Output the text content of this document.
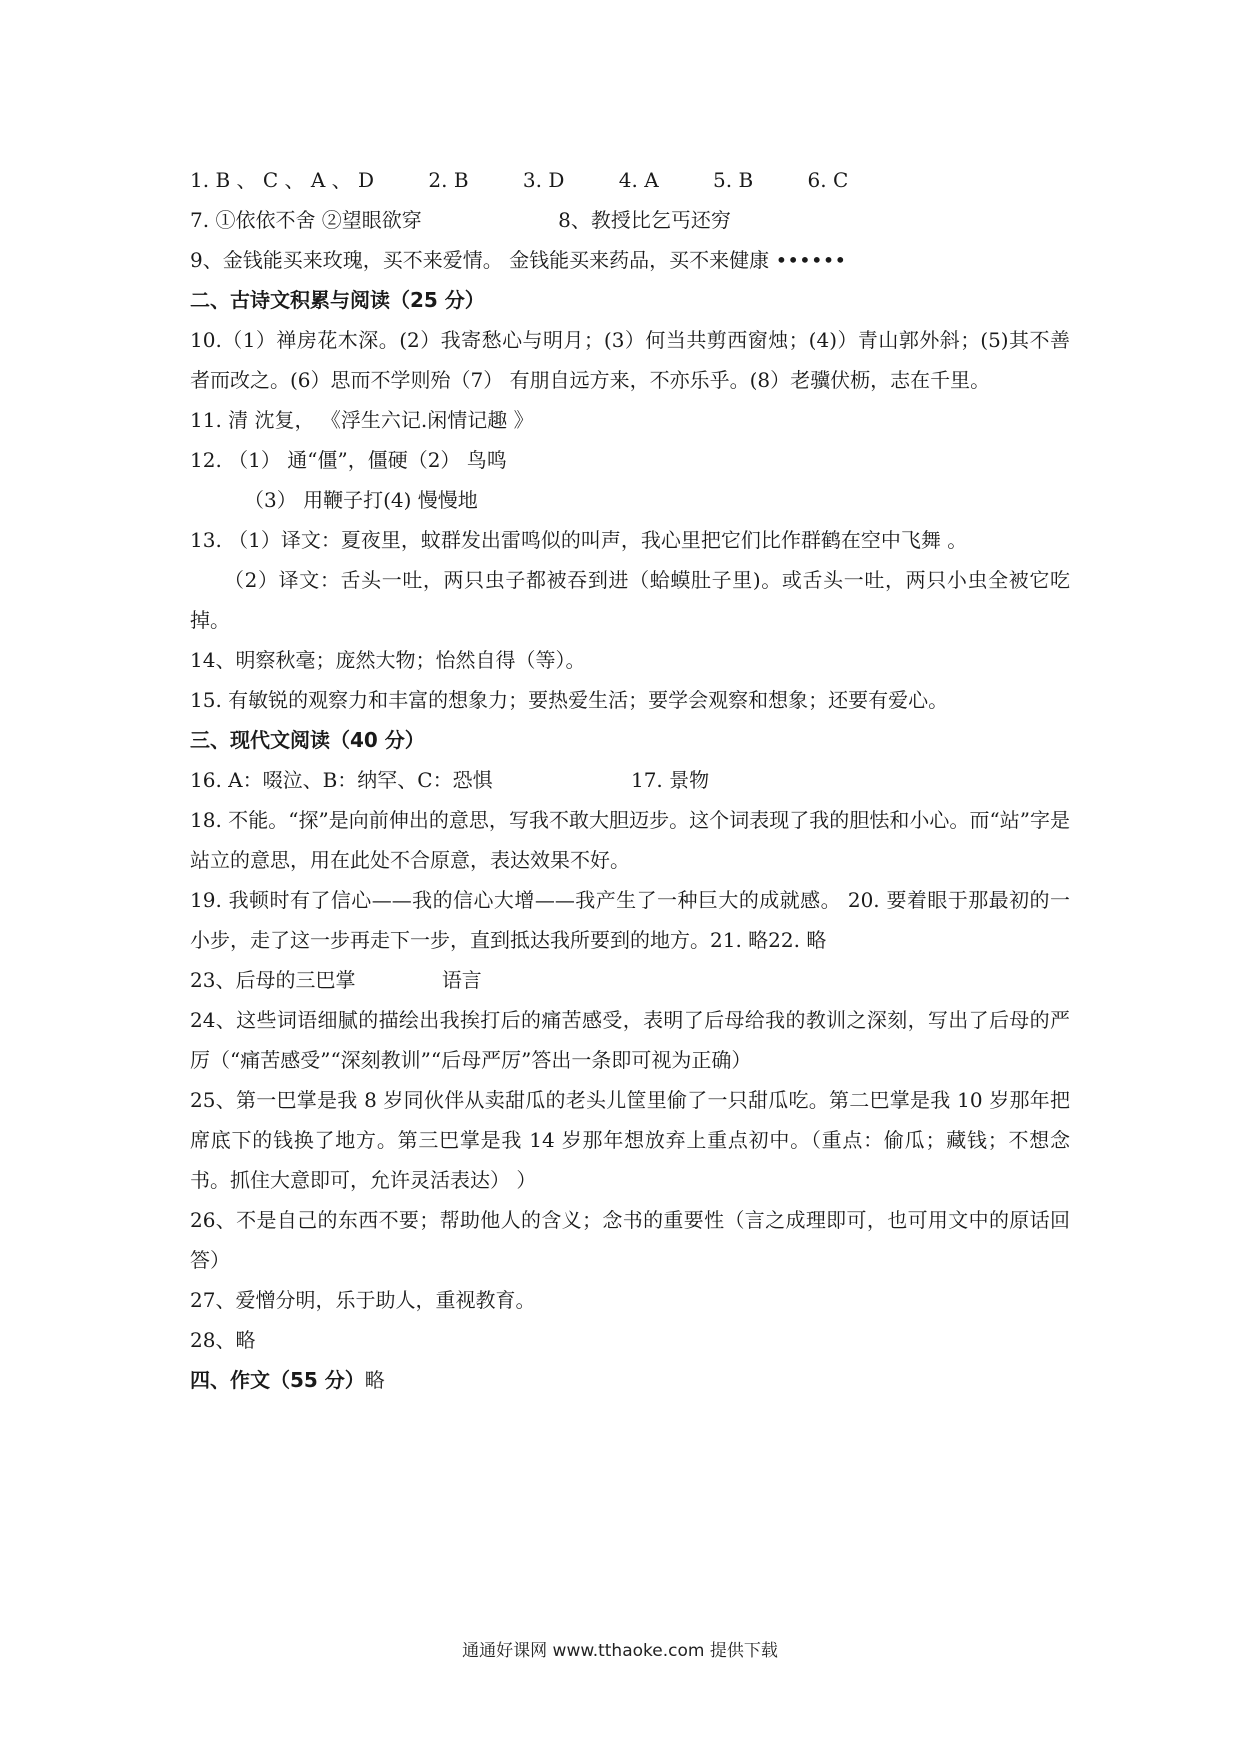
1. B 、 C 、 A 、 D	2. B	3. D	4. A	5. B	6. C
7. ①依依不舍 ②望眼欲穿	8、教授比乞丐还穷
9、金钱能买来玫瑰，买不来爱情。 金钱能买来药品，买不来健康 ••••••
二、古诗文积累与阅读（25 分）
10.（1）禅房花木深。(2）我寄愁心与明月；(3）何当共剪西窗烛；(4)）青山郭外斜；(5)其不善者而改之。(6）思而不学则殆（7） 有朋自远方来，不亦乐乎。(8）老骥伏枥，志在千里。
11. 清 沈复， 《浮生六记.闲情记趣 》
12. （1） 通“僵”，僵硬（2） 鸟鸣
（3） 用鞭子打(4) 慢慢地
13. （1）译文：夏夜里，蚊群发出雷鸣似的叫声，我心里把它们比作群鹤在空中飞舞 。
（2）译文：舌头一吐，两只虫子都被吞到进（蛤蟆肚子里)。或舌头一吐，两只小虫全被它吃掉。
14、明察秋毫；庞然大物；怡然自得（等）。
15. 有敏锐的观察力和丰富的想象力；要热爱生活；要学会观察和想象；还要有爱心。
三、现代文阅读（40 分）
16. A：啜泣、B：纳罕、C：恐惧	17. 景物
18. 不能。“探”是向前伸出的意思，写我不敢大胆迈步。这个词表现了我的胆怯和小心。而“站”字是站立的意思，用在此处不合原意，表达效果不好。
19. 我顿时有了信心——我的信心大增——我产生了一种巨大的成就感。 20. 要着眼于那最初的一小步，走了这一步再走下一步，直到抵达我所要到的地方。21. 略22. 略
23、后母的三巴掌	语言
24、这些词语细腻的描绘出我挨打后的痛苦感受，表明了后母给我的教训之深刻，写出了后母的严厉（“痛苦感受”“深刻教训”“后母严厉”答出一条即可视为正确）
25、第一巴掌是我 8 岁同伙伴从卖甜瓜的老头儿筐里偷了一只甜瓜吃。第二巴掌是我 10 岁那年把席底下的钱换了地方。第三巴掌是我 14 岁那年想放弃上重点初中。（重点：偷瓜；藏钱；不想念书。抓住大意即可，允许灵活表达） ）
26、不是自己的东西不要；帮助他人的含义；念书的重要性（言之成理即可，也可用文中的原话回答）
27、爱憎分明，乐于助人，重视教育。
28、略
四、作文（55 分）略
通通好课网 www.tthaoke.com 提供下载
